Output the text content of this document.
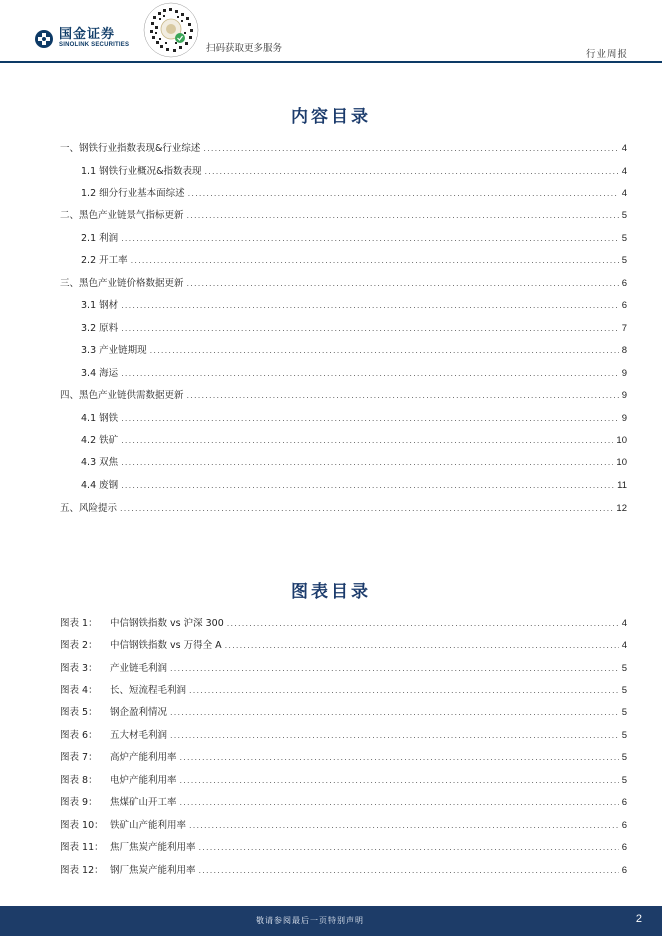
国金证券
SINOLINK SECURITIES	扫码获取更多服务
行业周报
内容目录
一、钢铁行业指数表现&行业综述 .....	4
1.1 钢铁行业概况&指数表现 .....	4
1.2 细分行业基本面综述 .....	4
二、黑色产业链景气指标更新 .....	5
2.1 利润 .....	5
2.2 开工率 .....	5
三、黑色产业链价格数据更新 .....	6
3.1 钢材 .....	6
3.2 原料 .....	7
3.3 产业链期现 .....	8
3.4 海运 .....	9
四、黑色产业链供需数据更新 .....	9
4.1 钢铁 .....	9
4.2 铁矿 .....	10
4.3 双焦 .....	10
4.4 废钢 .....	11
五、风险提示 .....	12
图表目录
图表 1：	中信钢铁指数 vs 沪深 300 .....	4
图表 2：	中信钢铁指数 vs 万得全 A .....	4
图表 3：	产业链毛利润 .....	5
图表 4：	长、短流程毛利润 .....	5
图表 5：	钢企盈利情况 .....	5
图表 6：	五大材毛利润 .....	5
图表 7：	高炉产能利用率 .....	5
图表 8：	电炉产能利用率 .....	5
图表 9：	焦煤矿山开工率 .....	6
图表 10： 铁矿山产能利用率 .....	6
图表 11： 焦厂焦炭产能利用率 .....	6
图表 12： 钢厂焦炭产能利用率 .....	6
敬请参阅最后一页特别声明	2
